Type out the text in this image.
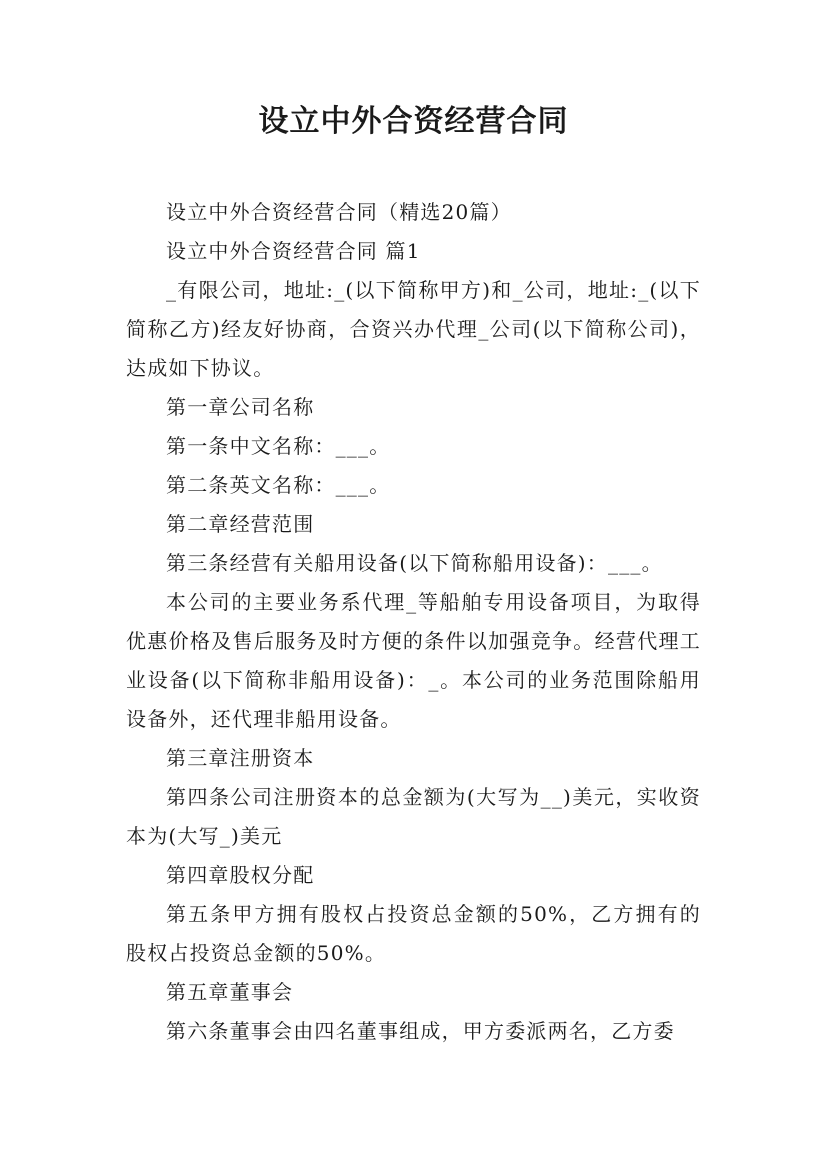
设立中外合资经营合同

设立中外合资经营合同（精选20篇）

设立中外合资经营合同 篇1

_有限公司，地址:_(以下简称甲方)和_公司，地址:_(以下简称乙方)经友好协商，合资兴办代理_公司(以下简称公司)，达成如下协议。

第一章公司名称

第一条中文名称：___。

第二条英文名称：___。

第二章经营范围

第三条经营有关船用设备(以下简称船用设备)：___。

本公司的主要业务系代理_等船舶专用设备项目，为取得优惠价格及售后服务及时方便的条件以加强竞争。经营代理工业设备(以下简称非船用设备)：_。本公司的业务范围除船用设备外，还代理非船用设备。

第三章注册资本

第四条公司注册资本的总金额为(大写为__)美元，实收资本为(大写_)美元

第四章股权分配

第五条甲方拥有股权占投资总金额的50%，乙方拥有的股权占投资总金额的50%。

第五章董事会

第六条董事会由四名董事组成，甲方委派两名，乙方委
